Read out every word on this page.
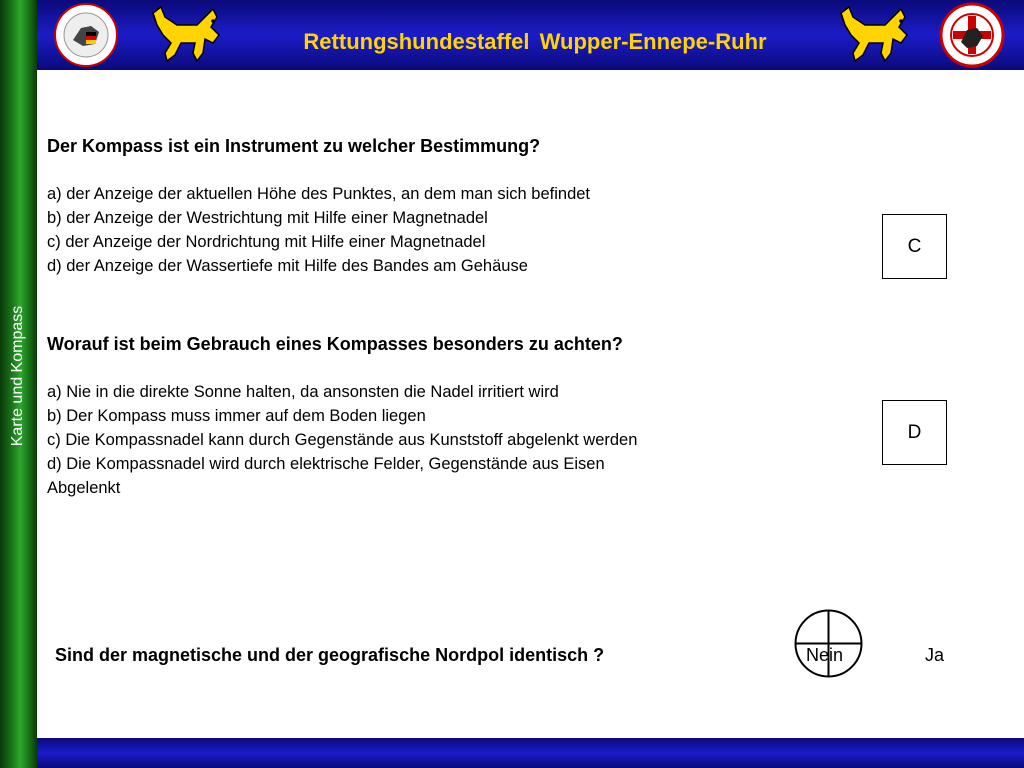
Karte und Kompass
Rettungshundestaffel Wupper-Ennepe-Ruhr
Der Kompass ist ein Instrument zu welcher Bestimmung?
a) der Anzeige der aktuellen Höhe des Punktes, an dem man sich befindet
b) der Anzeige der Westrichtung mit Hilfe einer Magnetnadel
c) der Anzeige der Nordrichtung mit Hilfe einer Magnetnadel
d) der Anzeige der Wassertiefe mit Hilfe des Bandes am Gehäuse
C
Worauf ist beim Gebrauch eines Kompasses besonders zu achten?
a) Nie in die direkte Sonne halten, da ansonsten die Nadel irritiert wird
b) Der Kompass muss immer auf dem Boden liegen
c) Die Kompassnadel kann durch Gegenstände aus Kunststoff abgelenkt werden
d) Die Kompassnadel wird durch elektrische Felder, Gegenstände aus Eisen
Abgelenkt
D
Sind der magnetische und der geografische Nordpol identisch ?	Nein	Ja
